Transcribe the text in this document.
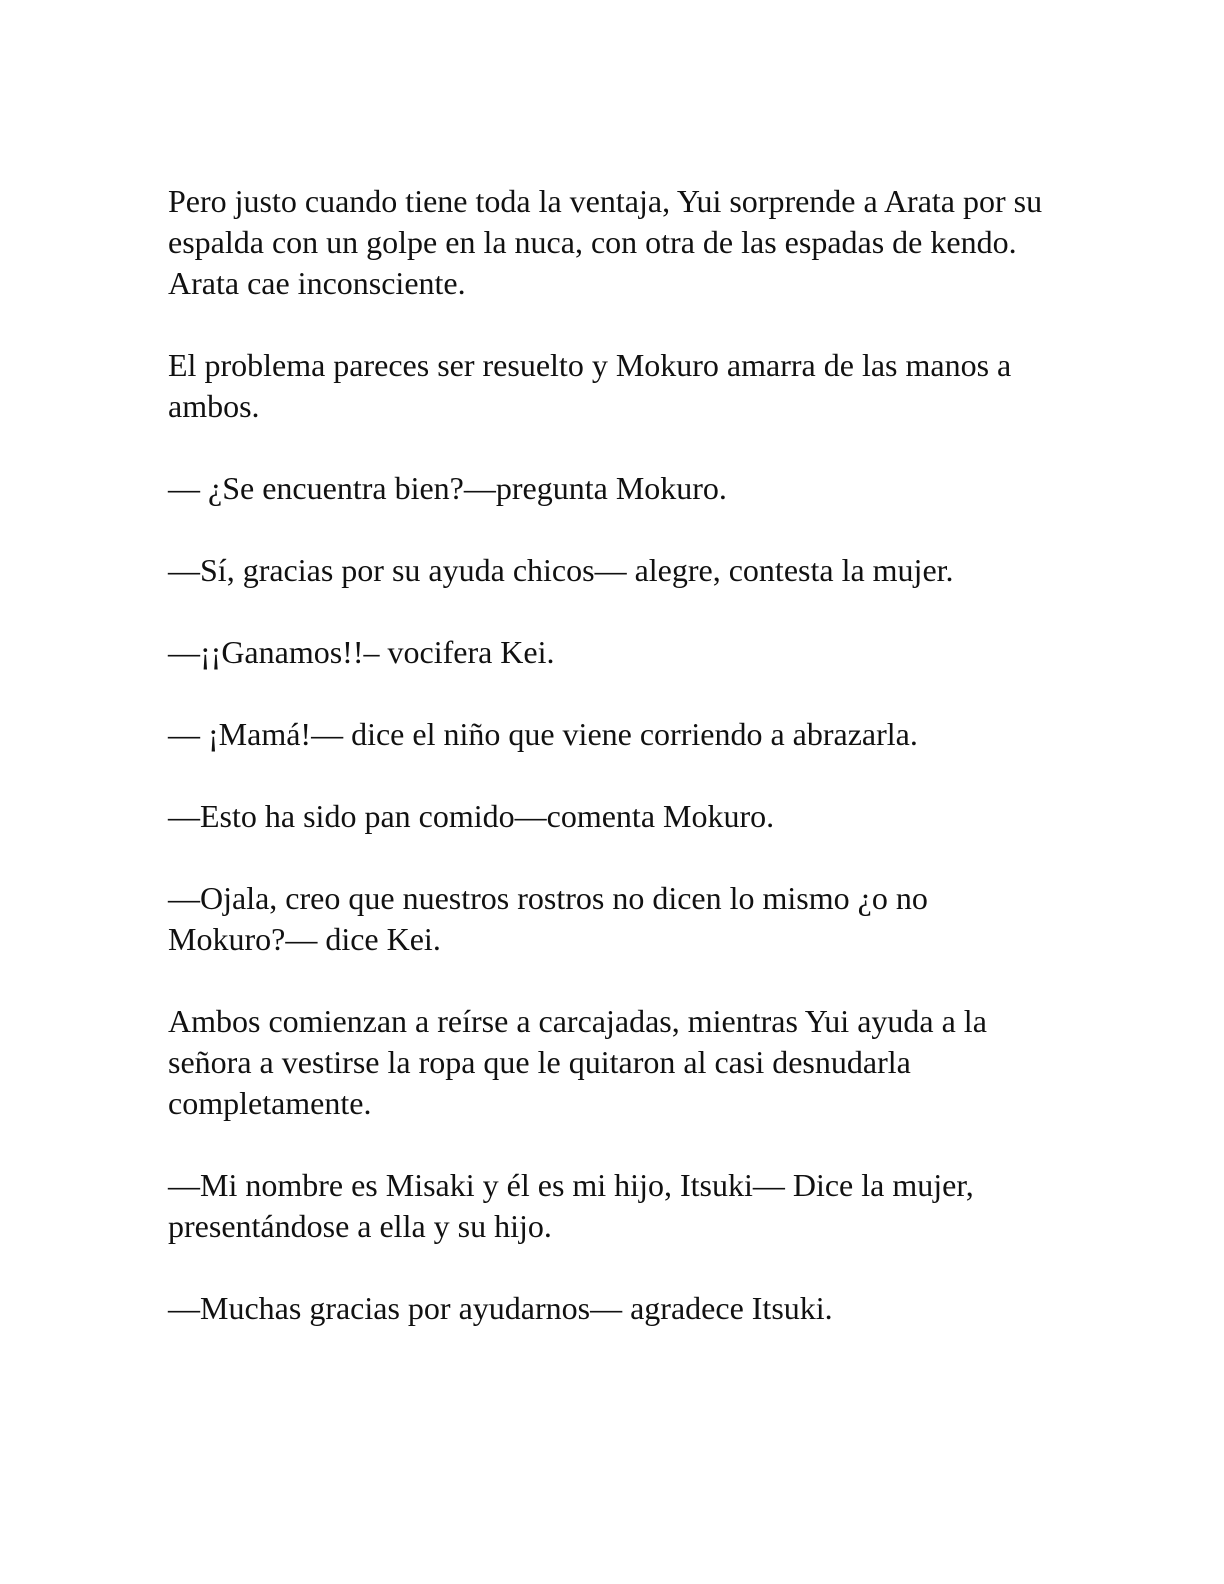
Pero justo cuando tiene toda la ventaja, Yui sorprende a Arata por su espalda con un golpe en la nuca, con otra de las espadas de kendo. Arata cae inconsciente.

El problema pareces ser resuelto y Mokuro amarra de las manos a ambos.

— ¿Se encuentra bien?—pregunta Mokuro.

—Sí, gracias por su ayuda chicos— alegre, contesta la mujer.

—¡¡Ganamos!!– vocifera Kei.

— ¡Mamá!— dice el niño que viene corriendo a abrazarla.

—Esto ha sido pan comido—comenta Mokuro.

—Ojala, creo que nuestros rostros no dicen lo mismo ¿o no Mokuro?— dice Kei.

Ambos comienzan a reírse a carcajadas, mientras Yui ayuda a la señora a vestirse la ropa que le quitaron al casi desnudarla completamente.

—Mi nombre es Misaki y él es mi hijo, Itsuki— Dice la mujer, presentándose a ella y su hijo.

—Muchas gracias por ayudarnos— agradece Itsuki.
